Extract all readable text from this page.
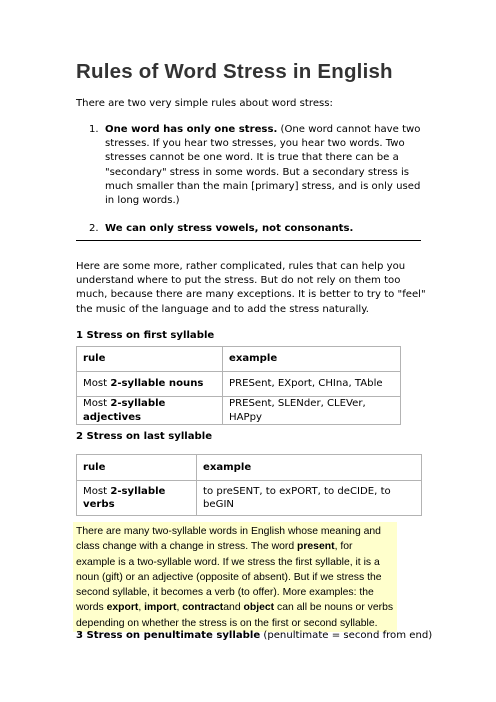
Rules of Word Stress in English

There are two very simple rules about word stress:

1. One word has only one stress. (One word cannot have two stresses. If you hear two stresses, you hear two words. Two stresses cannot be one word. It is true that there can be a "secondary" stress in some words. But a secondary stress is much smaller than the main [primary] stress, and is only used in long words.)
2. We can only stress vowels, not consonants.

Here are some more, rather complicated, rules that can help you understand where to put the stress. But do not rely on them too much, because there are many exceptions. It is better to try to "feel" the music of the language and to add the stress naturally.

1 Stress on first syllable
rule	example
Most 2-syllable nouns	PRESent, EXport, CHIna, TAble
Most 2-syllable adjectives	PRESent, SLENder, CLEVer, HAPpy
2 Stress on last syllable
rule	example
Most 2-syllable verbs	to preSENT, to exPORT, to deCIDE, to beGIN
There are many two-syllable words in English whose meaning and class change with a change in stress. The word present, for example is a two-syllable word. If we stress the first syllable, it is a noun (gift) or an adjective (opposite of absent). But if we stress the second syllable, it becomes a verb (to offer). More examples: the words export, import, contractand object can all be nouns or verbs depending on whether the stress is on the first or second syllable.
3 Stress on penultimate syllable (penultimate = second from end)
